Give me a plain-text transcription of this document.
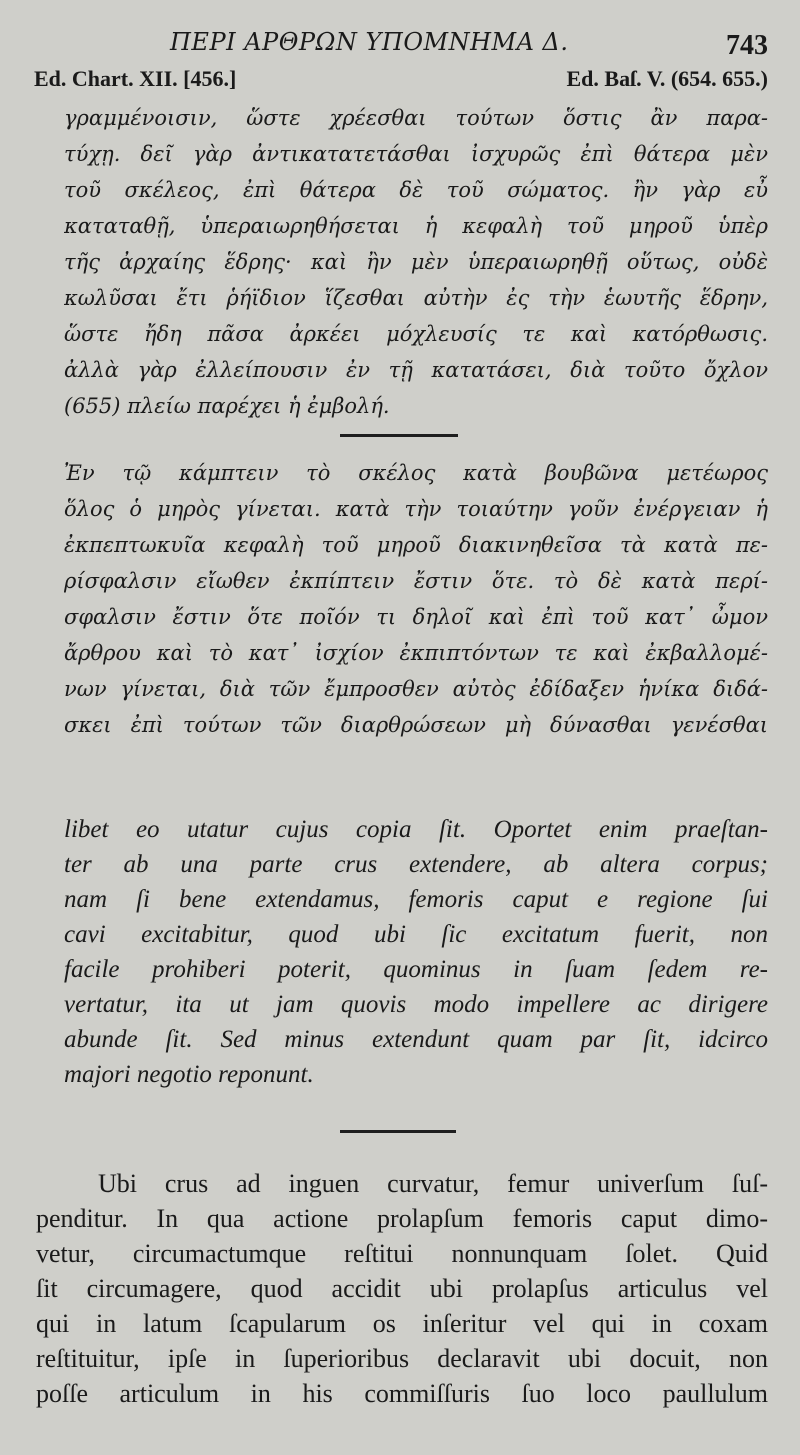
ΠΕΡΙ ΑΡΘΡΩΝ ΥΠΟΜΝΗΜΑ Δ.	743
Ed. Chart. XII. [456.]	Ed. Baſ. V. (654. 655.)
γραμμένοισιν, ὥστε χρέεσθαι τούτων ὅστις ἂν παρα-
τύχῃ. δεῖ γὰρ ἀντικατατετάσθαι ἰσχυρῶς ἐπὶ θάτερα μὲν
τοῦ σκέλεος, ἐπὶ θάτερα δὲ τοῦ σώματος. ἢν γὰρ εὖ
καταταθῇ, ὑπεραιωρηθήσεται ἡ κεφαλὴ τοῦ μηροῦ ὑπὲρ
τῆς ἀρχαίης ἕδρης· καὶ ἢν μὲν ὑπεραιωρηθῇ οὕτως, οὐδὲ
κωλῦσαι ἔτι ῥήϊδιον ἵζεσθαι αὐτὴν ἐς τὴν ἑωυτῆς ἕδρην,
ὥστε ἤδη πᾶσα ἀρκέει μόχλευσίς τε καὶ κατόρθωσις.
ἀλλὰ γὰρ ἐλλείπουσιν ἐν τῇ κατατάσει, διὰ τοῦτο ὄχλον
(655) πλείω παρέχει ἡ ἐμβολή.
Ἐν τῷ κάμπτειν τὸ σκέλος κατὰ βουβῶνα μετέωρος
ὅλος ὁ μηρὸς γίνεται. κατὰ τὴν τοιαύτην γοῦν ἐνέργειαν ἡ
ἐκπεπτωκυῖα κεφαλὴ τοῦ μηροῦ διακινηθεῖσα τὰ κατὰ πε-
ρίσφαλσιν εἴωθεν ἐκπίπτειν ἔστιν ὅτε. τὸ δὲ κατὰ περί-
σφαλσιν ἔστιν ὅτε ποῖόν τι δηλοῖ καὶ ἐπὶ τοῦ κατ᾽ ὦμον
ἄρθρου καὶ τὸ κατ᾽ ἰσχίον ἐκπιπτόντων τε καὶ ἐκβαλλομέ-
νων γίνεται, διὰ τῶν ἔμπροσθεν αὐτὸς ἐδίδαξεν ἡνίκα διδά-
σκει ἐπὶ τούτων τῶν διαρθρώσεων μὴ δύνασθαι γενέσθαι
libet eo utatur cujus copia ſit. Oportet enim praeſtan-
ter ab una parte crus extendere, ab altera corpus;
nam ſi bene extendamus, femoris caput e regione ſui
cavi excitabitur, quod ubi ſic excitatum fuerit, non
facile prohiberi poterit, quominus in ſuam ſedem re-
vertatur, ita ut jam quovis modo impellere ac dirigere
abunde ſit. Sed minus extendunt quam par ſit, idcirco
majori negotio reponunt.
Ubi crus ad inguen curvatur, femur univerſum ſuſ-
penditur. In qua actione prolapſum femoris caput dimo-
vetur, circumactumque reſtitui nonnunquam ſolet. Quid
ſit circumagere, quod accidit ubi prolapſus articulus vel
qui in latum ſcapularum os inſeritur vel qui in coxam
reſtituitur, ipſe in ſuperioribus declaravit ubi docuit, non
poſſe articulum in his commiſſuris ſuo loco paullulum
